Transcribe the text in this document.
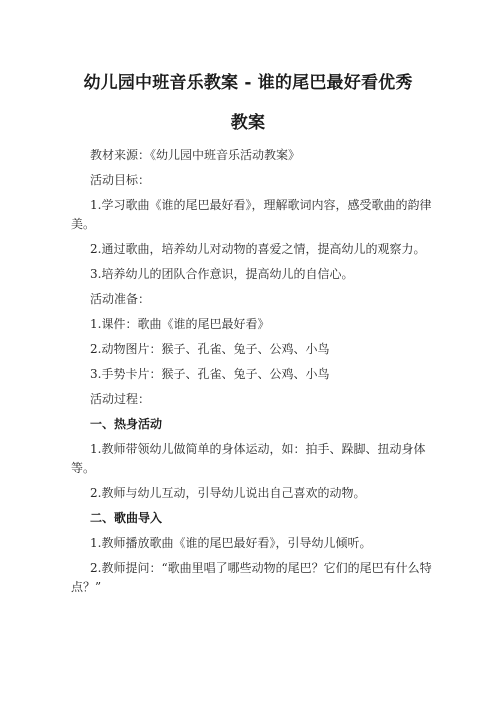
幼儿园中班音乐教案 - 谁的尾巴最好看优秀
教案
教材来源：《幼儿园中班音乐活动教案》
活动目标：
1.学习歌曲《谁的尾巴最好看》，理解歌词内容，感受歌曲的韵律
美。
2.通过歌曲，培养幼儿对动物的喜爱之情，提高幼儿的观察力。
3.培养幼儿的团队合作意识，提高幼儿的自信心。
活动准备：
1.课件：歌曲《谁的尾巴最好看》
2.动物图片：猴子、孔雀、兔子、公鸡、小鸟
3.手势卡片：猴子、孔雀、兔子、公鸡、小鸟
活动过程：
一、热身活动
1.教师带领幼儿做简单的身体运动，如：拍手、跺脚、扭动身体
等。
2.教师与幼儿互动，引导幼儿说出自己喜欢的动物。
二、歌曲导入
1.教师播放歌曲《谁的尾巴最好看》，引导幼儿倾听。
2.教师提问：“歌曲里唱了哪些动物的尾巴？它们的尾巴有什么特
点？”
